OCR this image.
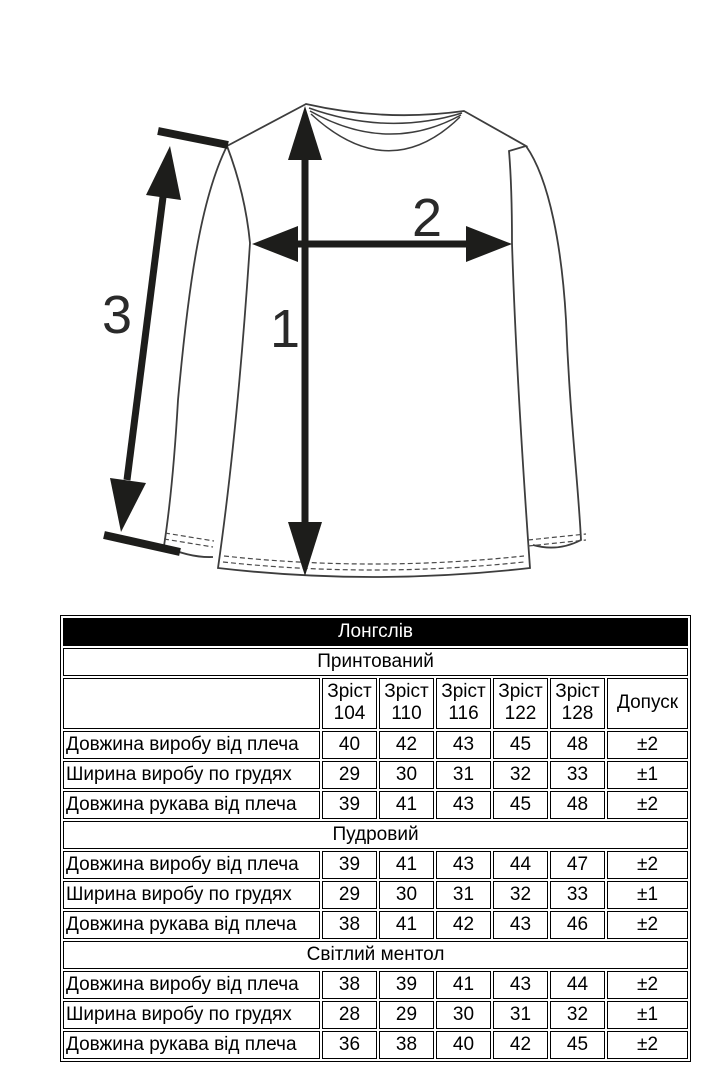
1
2
3
Лонгслів						
Принтований						
	Зріст 104	Зріст 110	Зріст 116	Зріст 122	Зріст 128	Допуск
Довжина виробу від плеча	40	42	43	45	48	±2
Ширина виробу по грудях	29	30	31	32	33	±1
Довжина рукава від плеча	39	41	43	45	48	±2
Пудровий						
Довжина виробу від плеча	39	41	43	44	47	±2
Ширина виробу по грудях	29	30	31	32	33	±1
Довжина рукава від плеча	38	41	42	43	46	±2
Світлий ментол						
Довжина виробу від плеча	38	39	41	43	44	±2
Ширина виробу по грудях	28	29	30	31	32	±1
Довжина рукава від плеча	36	38	40	42	45	±2
